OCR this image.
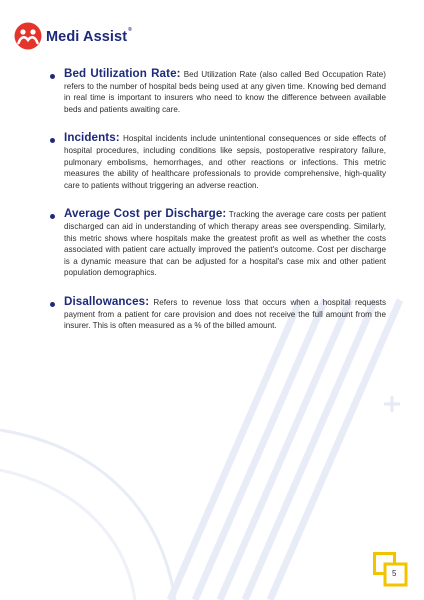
Medi Assist®

Bed Utilization Rate: Bed Utilization Rate (also called Bed Occupation Rate) refers to the number of hospital beds being used at any given time. Knowing bed demand in real time is important to insurers who need to know the difference between available beds and patients awaiting care.

Incidents: Hospital incidents include unintentional consequences or side effects of hospital procedures, including conditions like sepsis, postoperative respiratory failure, pulmonary embolisms, hemorrhages, and other reactions or infections. This metric measures the ability of healthcare professionals to provide comprehensive, high-quality care to patients without triggering an adverse reaction.

Average Cost per Discharge: Tracking the average care costs per patient discharged can aid in understanding of which therapy areas see overspending. Similarly, this metric shows where hospitals make the greatest profit as well as whether the costs associated with patient care actually improved the patient's outcome. Cost per discharge is a dynamic measure that can be adjusted for a hospital's case mix and other patient population demographics.

Disallowances: Refers to revenue loss that occurs when a hospital requests payment from a patient for care provision and does not receive the full amount from the insurer. This is often measured as a % of the billed amount.

5
